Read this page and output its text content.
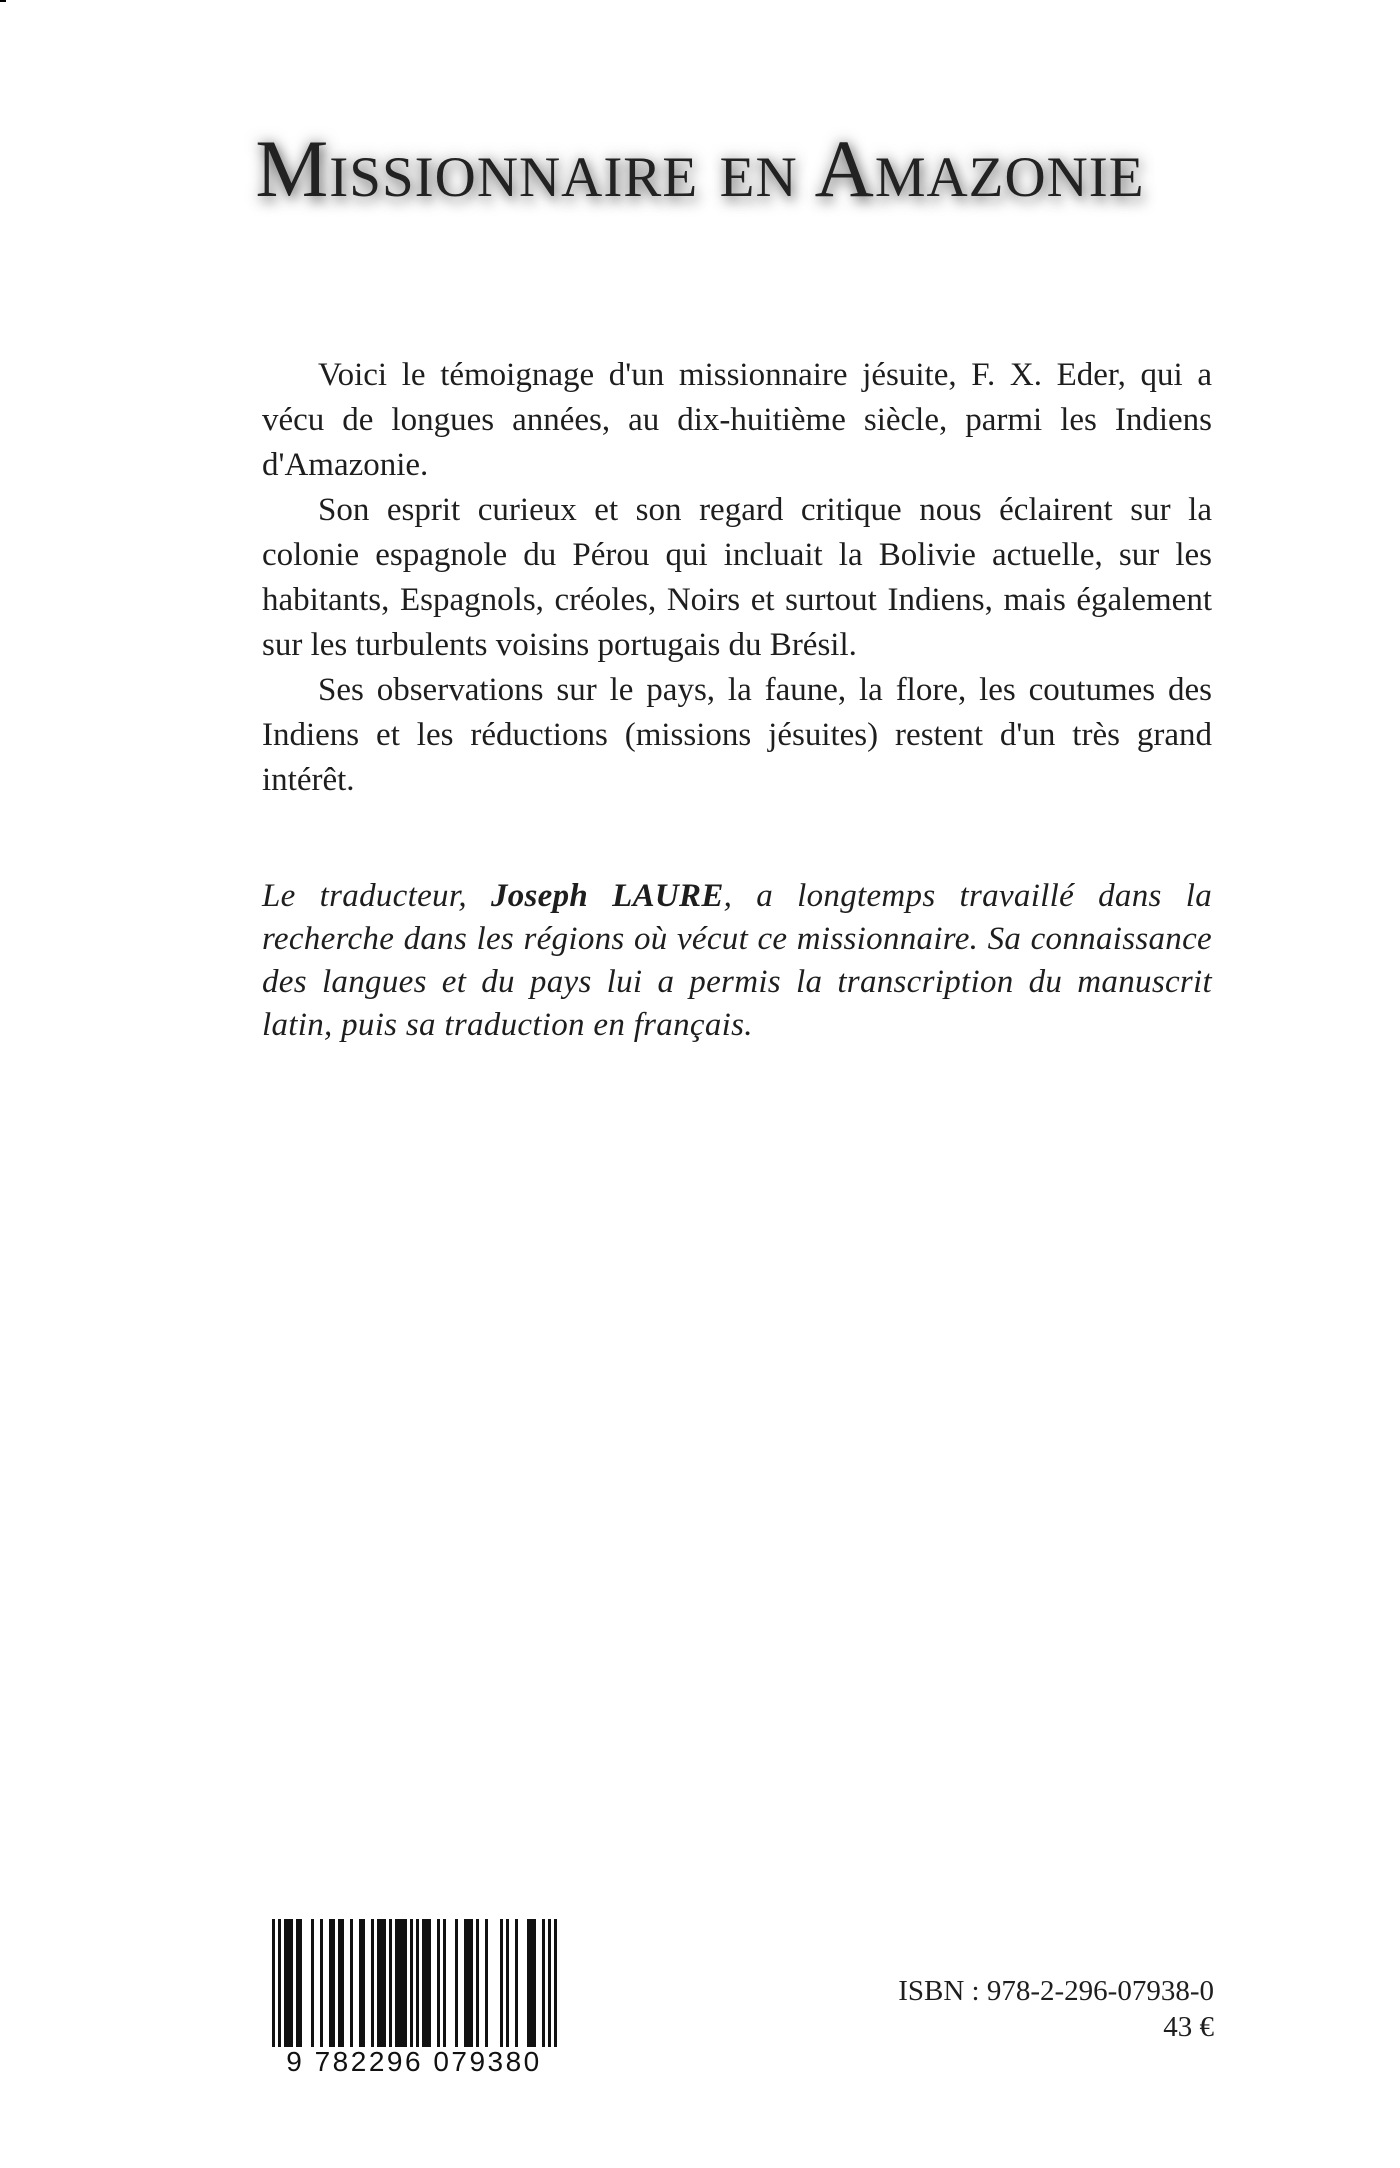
Missionnaire en Amazonie

Voici le témoignage d'un missionnaire jésuite, F. X. Eder, qui a vécu de longues années, au dix-huitième siècle, parmi les Indiens d'Amazonie.

Son esprit curieux et son regard critique nous éclairent sur la colonie espagnole du Pérou qui incluait la Bolivie actuelle, sur les habitants, Espagnols, créoles, Noirs et surtout Indiens, mais également sur les turbulents voisins portugais du Brésil.

Ses observations sur le pays, la faune, la flore, les coutumes des Indiens et les réductions (missions jésuites) restent d'un très grand intérêt.

Le traducteur, Joseph LAURE, a longtemps travaillé dans la recherche dans les régions où vécut ce missionnaire. Sa connaissance des langues et du pays lui a permis la transcription du manuscrit latin, puis sa traduction en français.
9 782296 079380
ISBN : 978-2-296-07938-0
43 €
